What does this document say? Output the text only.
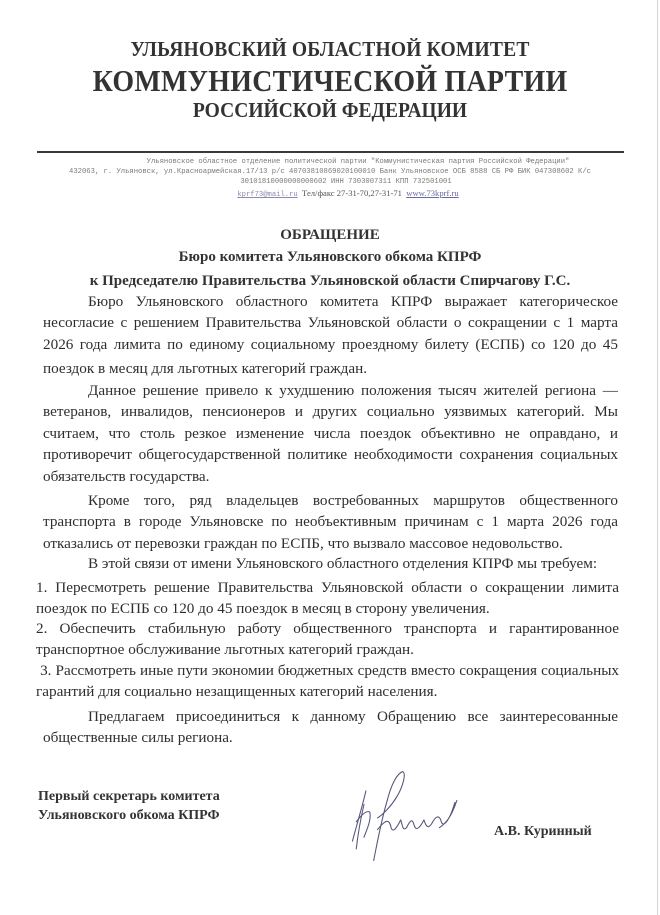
УЛЬЯНОВСКИЙ ОБЛАСТНОЙ КОМИТЕТ
КОММУНИСТИЧЕСКОЙ ПАРТИИ
РОССИЙСКОЙ ФЕДЕРАЦИИ
Ульяновское областное отделение политической партии "Коммунистическая партия Российской Федерации"
432063, г. Ульяновск, ул.Красноармейская.17/13 р/с 40703810869020100010 Банк Ульяновское ОСБ 8588 СБ РФ БИК 047308602 К/с
30101810000000000602 ИНН 7303007311 КПП 732501001
kprf73@mail.ru Тел/факс 27-31-70,27-31-71 www.73kprf.ru
ОБРАЩЕНИЕ
Бюро комитета Ульяновского обкома КПРФ
к Председателю Правительства Ульяновской области Спирчагову Г.С.
Бюро Ульяновского областного комитета КПРФ выражает категорическое несогласие с решением Правительства Ульяновской области о сокращении с 1 марта 2026 года лимита по единому социальному проездному билету (ЕСПБ) со 120 до 45
поездок в месяц для льготных категорий граждан.
Данное решение привело к ухудшению положения тысяч жителей региона — ветеранов, инвалидов, пенсионеров и других социально уязвимых категорий. Мы считаем, что столь резкое изменение числа поездок объективно не оправдано, и противоречит общегосударственной политике необходимости сохранения социальных обязательств государства.
Кроме того, ряд владельцев востребованных маршрутов общественного транспорта в городе Ульяновске по необъективным причинам с 1 марта 2026 года отказались от перевозки граждан по ЕСПБ, что вызвало массовое недовольство.
В этой связи от имени Ульяновского областного отделения КПРФ мы требуем:
1. Пересмотреть решение Правительства Ульяновской области о сокращении лимита поездок по ЕСПБ со 120 до 45 поездок в месяц в сторону увеличения.
2. Обеспечить стабильную работу общественного транспорта и гарантированное транспортное обслуживание льготных категорий граждан.
3. Рассмотреть иные пути экономии бюджетных средств вместо сокращения социальных гарантий для социально незащищенных категорий населения.
Предлагаем присоединиться к данному Обращению все заинтересованные общественные силы региона.
Первый секретарь комитета
Ульяновского обкома КПРФ
А.В. Куринный
